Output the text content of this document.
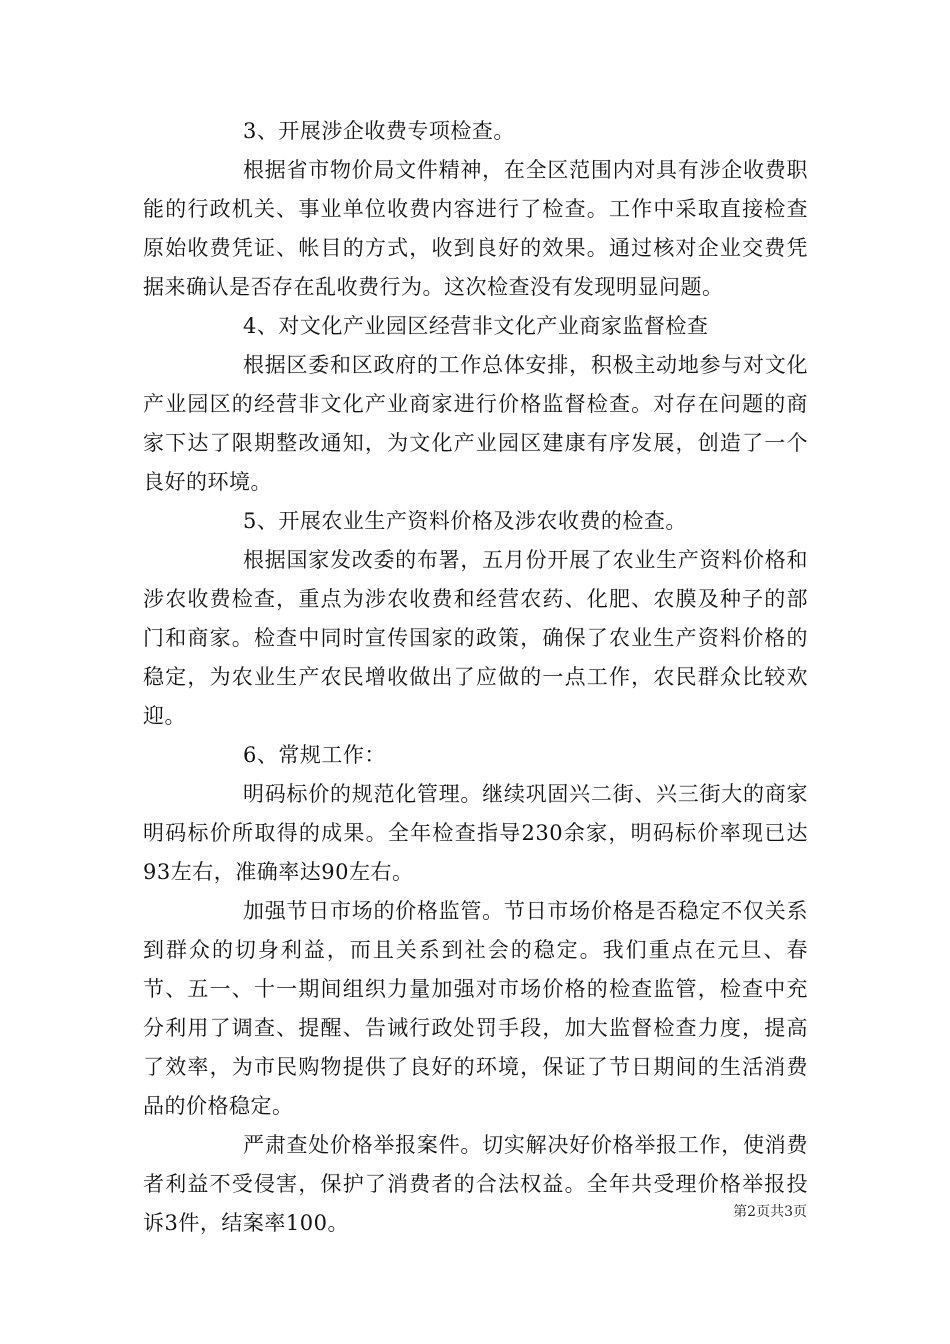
3、开展涉企收费专项检查。

根据省市物价局文件精神，在全区范围内对具有涉企收费职能的行政机关、事业单位收费内容进行了检查。工作中采取直接检查原始收费凭证、帐目的方式，收到良好的效果。通过核对企业交费凭据来确认是否存在乱收费行为。这次检查没有发现明显问题。

4、对文化产业园区经营非文化产业商家监督检查

根据区委和区政府的工作总体安排，积极主动地参与对文化产业园区的经营非文化产业商家进行价格监督检查。对存在问题的商家下达了限期整改通知，为文化产业园区建康有序发展，创造了一个良好的环境。

5、开展农业生产资料价格及涉农收费的检查。

根据国家发改委的布署，五月份开展了农业生产资料价格和涉农收费检查，重点为涉农收费和经营农药、化肥、农膜及种子的部门和商家。检查中同时宣传国家的政策，确保了农业生产资料价格的稳定，为农业生产农民增收做出了应做的一点工作，农民群众比较欢迎。

6、常规工作：

明码标价的规范化管理。继续巩固兴二街、兴三街大的商家明码标价所取得的成果。全年检查指导230余家，明码标价率现已达93左右，准确率达90左右。

加强节日市场的价格监管。节日市场价格是否稳定不仅关系到群众的切身利益，而且关系到社会的稳定。我们重点在元旦、春节、五一、十一期间组织力量加强对市场价格的检查监管，检查中充分利用了调查、提醒、告诫行政处罚手段，加大监督检查力度，提高了效率，为市民购物提供了良好的环境，保证了节日期间的生活消费品的价格稳定。

严肃查处价格举报案件。切实解决好价格举报工作，使消费者利益不受侵害，保护了消费者的合法权益。全年共受理价格举报投诉3件，结案率100。	第2页共3页
